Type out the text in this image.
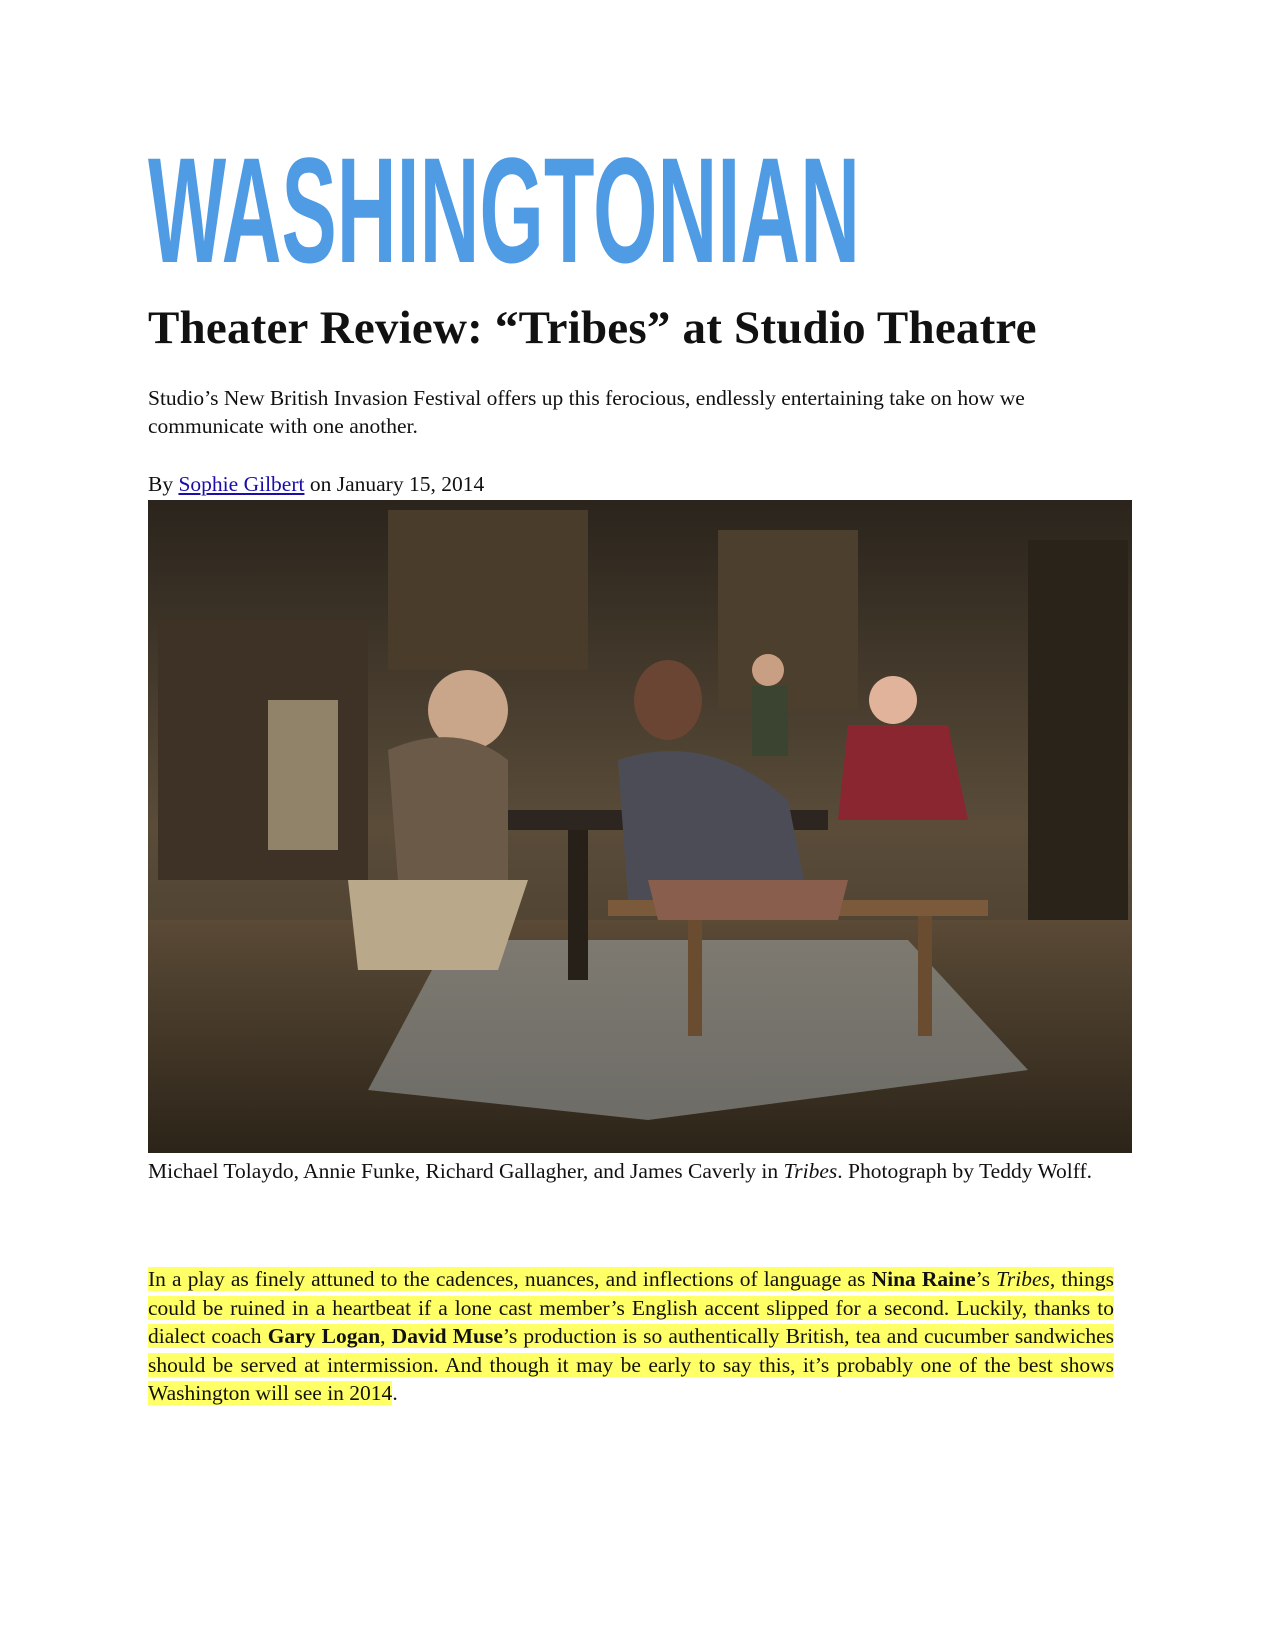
WASHINGTONIAN
Theater Review: “Tribes” at Studio Theatre
Studio’s New British Invasion Festival offers up this ferocious, endlessly entertaining take on how we communicate with one another.
By Sophie Gilbert on January 15, 2014
Michael Tolaydo, Annie Funke, Richard Gallagher, and James Caverly in Tribes. Photograph by Teddy Wolff.

In a play as finely attuned to the cadences, nuances, and inflections of language as Nina Raine’s Tribes, things could be ruined in a heartbeat if a lone cast member’s English accent slipped for a second. Luckily, thanks to dialect coach Gary Logan, David Muse’s production is so authentically British, tea and cucumber sandwiches should be served at intermission. And though it may be early to say this, it’s probably one of the best shows Washington will see in 2014.
